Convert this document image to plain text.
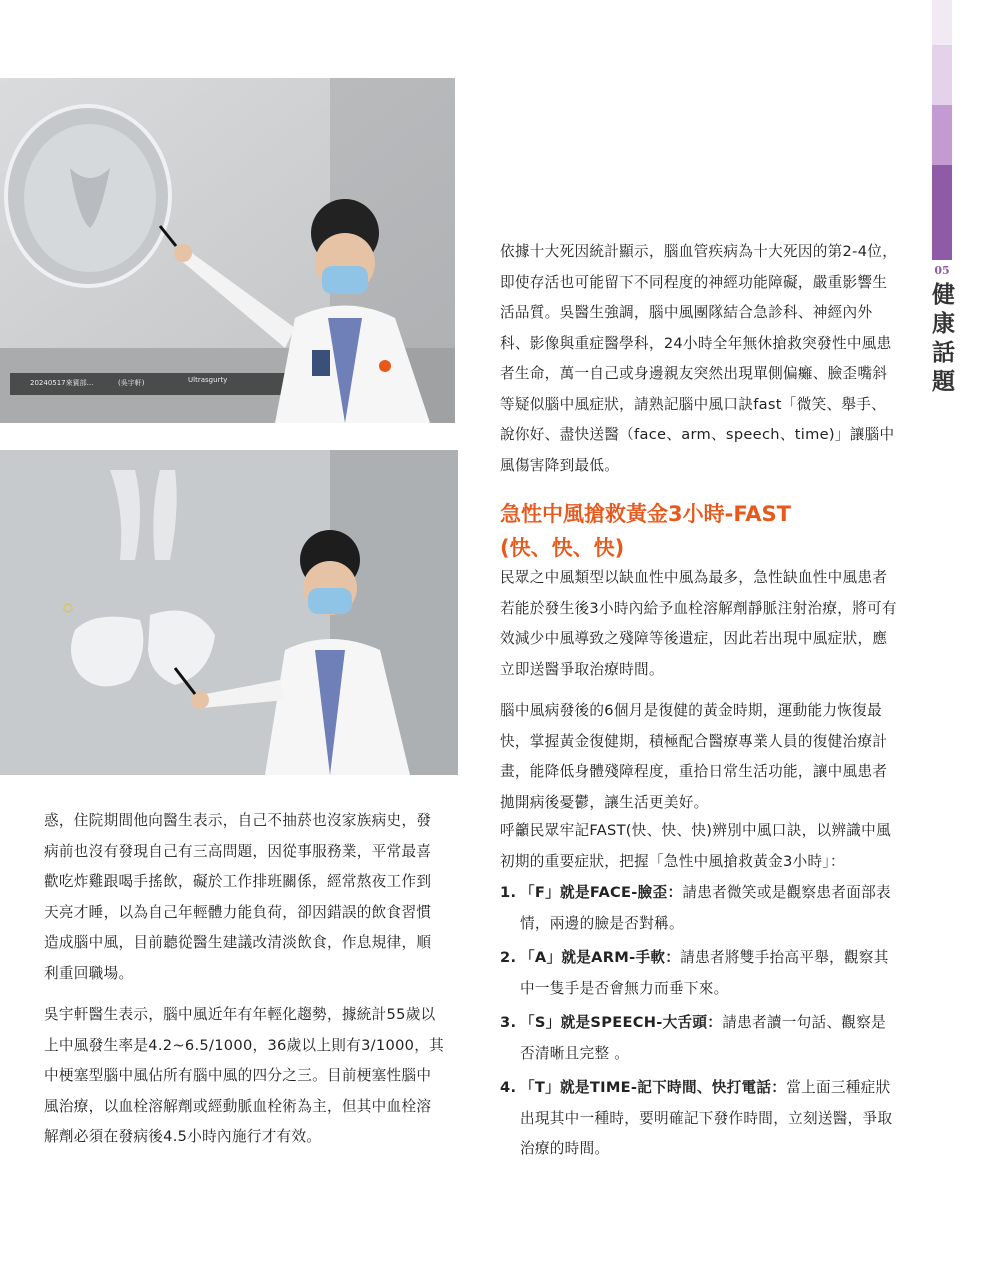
20240517來賓部...	(吳宇軒)	Ultrasgurty

惑，住院期間他向醫生表示，自己不抽菸也沒家族病史，發病前也沒有發現自己有三高問題，因從事服務業，平常最喜歡吃炸雞跟喝手搖飲，礙於工作排班關係，經常熬夜工作到天亮才睡，以為自己年輕體力能負荷，卻因錯誤的飲食習慣造成腦中風，目前聽從醫生建議改清淡飲食，作息規律，順利重回職場。

吳宇軒醫生表示，腦中風近年有年輕化趨勢，據統計55歲以上中風發生率是4.2~6.5/1000，36歲以上則有3/1000，其中梗塞型腦中風佔所有腦中風的四分之三。目前梗塞性腦中風治療，以血栓溶解劑或經動脈血栓術為主，但其中血栓溶解劑必須在發病後4.5小時內施行才有效。

依據十大死因統計顯示，腦血管疾病為十大死因的第2-4位，即使存活也可能留下不同程度的神經功能障礙，嚴重影響生活品質。吳醫生強調，腦中風團隊結合急診科、神經內外科、影像與重症醫學科，24小時全年無休搶救突發性中風患者生命，萬一自己或身邊親友突然出現單側偏癱、臉歪嘴斜等疑似腦中風症狀，請熟記腦中風口訣fast「微笑、舉手、說你好、盡快送醫（face、arm、speech、time)」讓腦中風傷害降到最低。

急性中風搶救黃金3小時-FAST
(快、快、快)

民眾之中風類型以缺血性中風為最多，急性缺血性中風患者若能於發生後3小時內給予血栓溶解劑靜脈注射治療，將可有效減少中風導致之殘障等後遺症，因此若出現中風症狀，應立即送醫爭取治療時間。

腦中風病發後的6個月是復健的黃金時期，運動能力恢復最快，掌握黃金復健期，積極配合醫療專業人員的復健治療計畫，能降低身體殘障程度，重拾日常生活功能，讓中風患者拋開病後憂鬱，讓生活更美好。

呼籲民眾牢記FAST(快、快、快)辨別中風口訣，以辨識中風初期的重要症狀，把握「急性中風搶救黃金3小時」：

1. 「F」就是FACE-臉歪：請患者微笑或是觀察患者面部表情，兩邊的臉是否對稱。
2. 「A」就是ARM-手軟：請患者將雙手抬高平舉，觀察其中一隻手是否會無力而垂下來。
3. 「S」就是SPEECH-大舌頭：請患者讀一句話、觀察是否清晰且完整 。
4. 「T」就是TIME-記下時間、快打電話：當上面三種症狀出現其中一種時，要明確記下發作時間，立刻送醫，爭取治療的時間。
05
健康話題
